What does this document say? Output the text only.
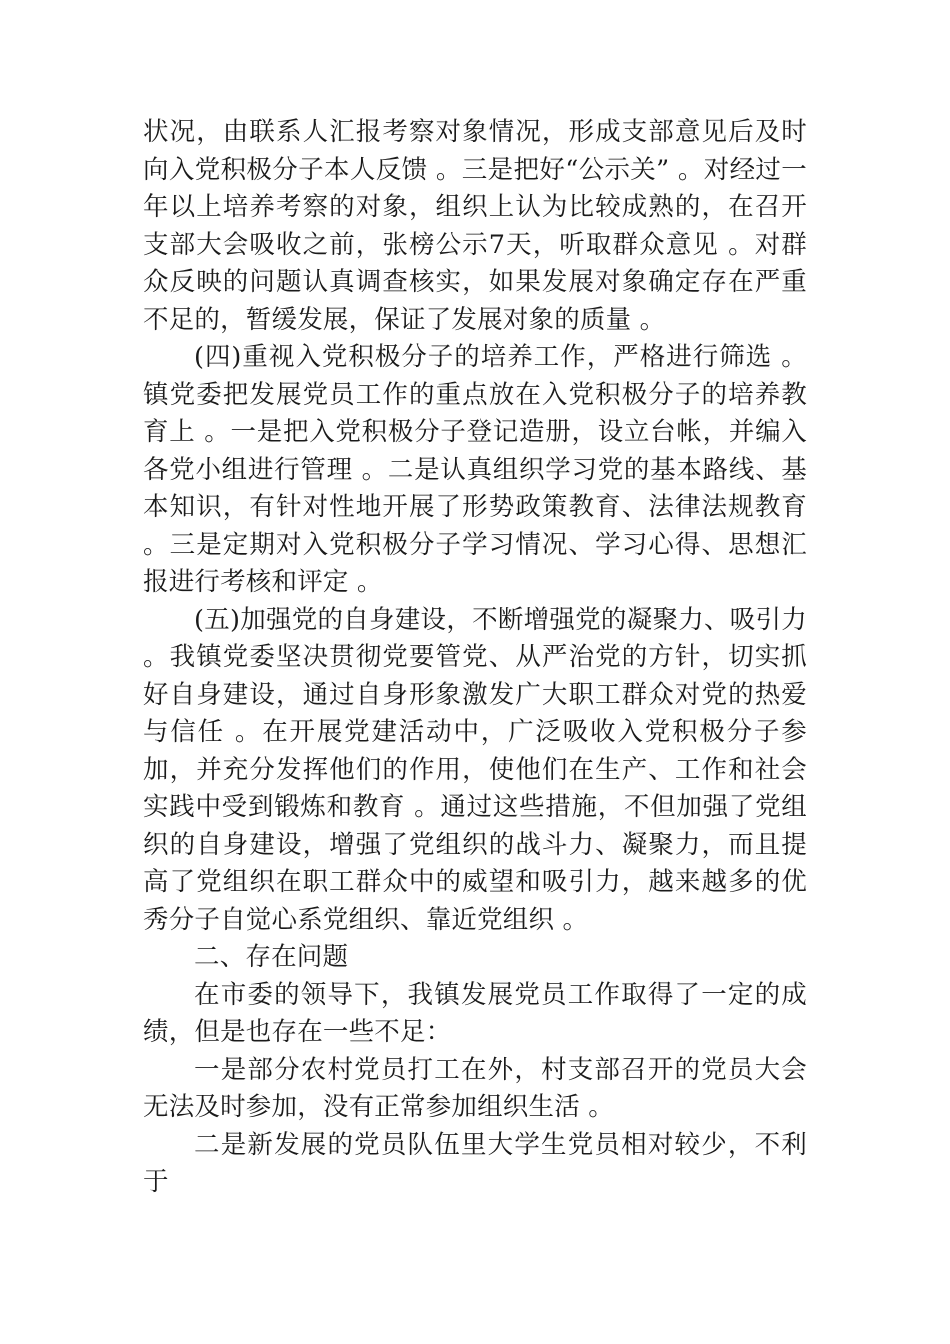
状况，由联系人汇报考察对象情况，形成支部意见后及时向入党积极分子本人反馈 。三是把好“公示关” 。对经过一年以上培养考察的对象，组织上认为比较成熟的，在召开支部大会吸收之前，张榜公示7天，听取群众意见 。对群众反映的问题认真调查核实，如果发展对象确定存在严重不足的，暂缓发展，保证了发展对象的质量 。

(四)重视入党积极分子的培养工作，严格进行筛选 。镇党委把发展党员工作的重点放在入党积极分子的培养教育上 。一是把入党积极分子登记造册，设立台帐，并编入各党小组进行管理 。二是认真组织学习党的基本路线、基本知识，有针对性地开展了形势政策教育、法律法规教育 。三是定期对入党积极分子学习情况、学习心得、思想汇报进行考核和评定 。

(五)加强党的自身建设，不断增强党的凝聚力、吸引力 。我镇党委坚决贯彻党要管党、从严治党的方针，切实抓好自身建设，通过自身形象激发广大职工群众对党的热爱与信任 。在开展党建活动中，广泛吸收入党积极分子参加，并充分发挥他们的作用，使他们在生产、工作和社会实践中受到锻炼和教育 。通过这些措施，不但加强了党组织的自身建设，增强了党组织的战斗力、凝聚力，而且提高了党组织在职工群众中的威望和吸引力，越来越多的优秀分子自觉心系党组织、靠近党组织 。

二、存在问题

在市委的领导下，我镇发展党员工作取得了一定的成绩，但是也存在一些不足：

一是部分农村党员打工在外，村支部召开的党员大会无法及时参加，没有正常参加组织生活 。

二是新发展的党员队伍里大学生党员相对较少，不利于
